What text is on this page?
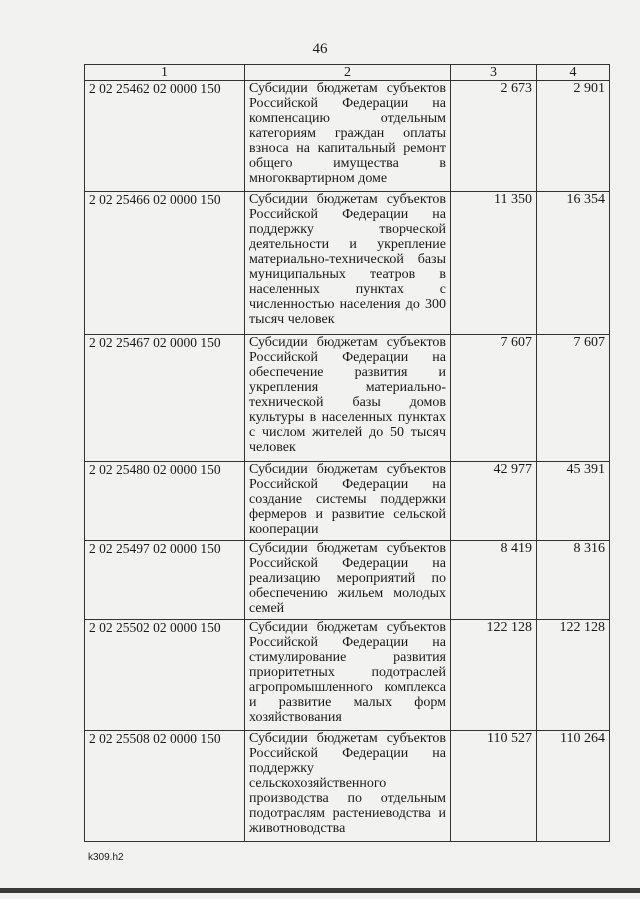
46
1	2	3	4
2 02 25462 02 0000 150	Субсидии бюджетам субъектов Российской Федерации на компенсацию отдельным категориям граждан оплаты взноса на капитальный ремонт общего имущества в многоквартирном доме	2 673	2 901
2 02 25466 02 0000 150	Субсидии бюджетам субъектов Российской Федерации на поддержку творческой деятельности и укрепление материально-технической базы муниципальных театров в населенных пунктах с численностью населения до 300 тысяч человек	11 350	16 354
2 02 25467 02 0000 150	Субсидии бюджетам субъектов Российской Федерации на обеспечение развития и укрепления материально-технической базы домов культуры в населенных пунктах с числом жителей до 50 тысяч человек	7 607	7 607
2 02 25480 02 0000 150	Субсидии бюджетам субъектов Российской Федерации на создание системы поддержки фермеров и развитие сельской кооперации	42 977	45 391
2 02 25497 02 0000 150	Субсидии бюджетам субъектов Российской Федерации на реализацию мероприятий по обеспечению жильем молодых семей	8 419	8 316
2 02 25502 02 0000 150	Субсидии бюджетам субъектов Российской Федерации на стимулирование развития приоритетных подотраслей агропромышленного комплекса и развитие малых форм хозяйствования	122 128	122 128
2 02 25508 02 0000 150	Субсидии бюджетам субъектов Российской Федерации на поддержку сельскохозяйственного производства по отдельным подотраслям растениеводства и животноводства	110 527	110 264
k309.h2
